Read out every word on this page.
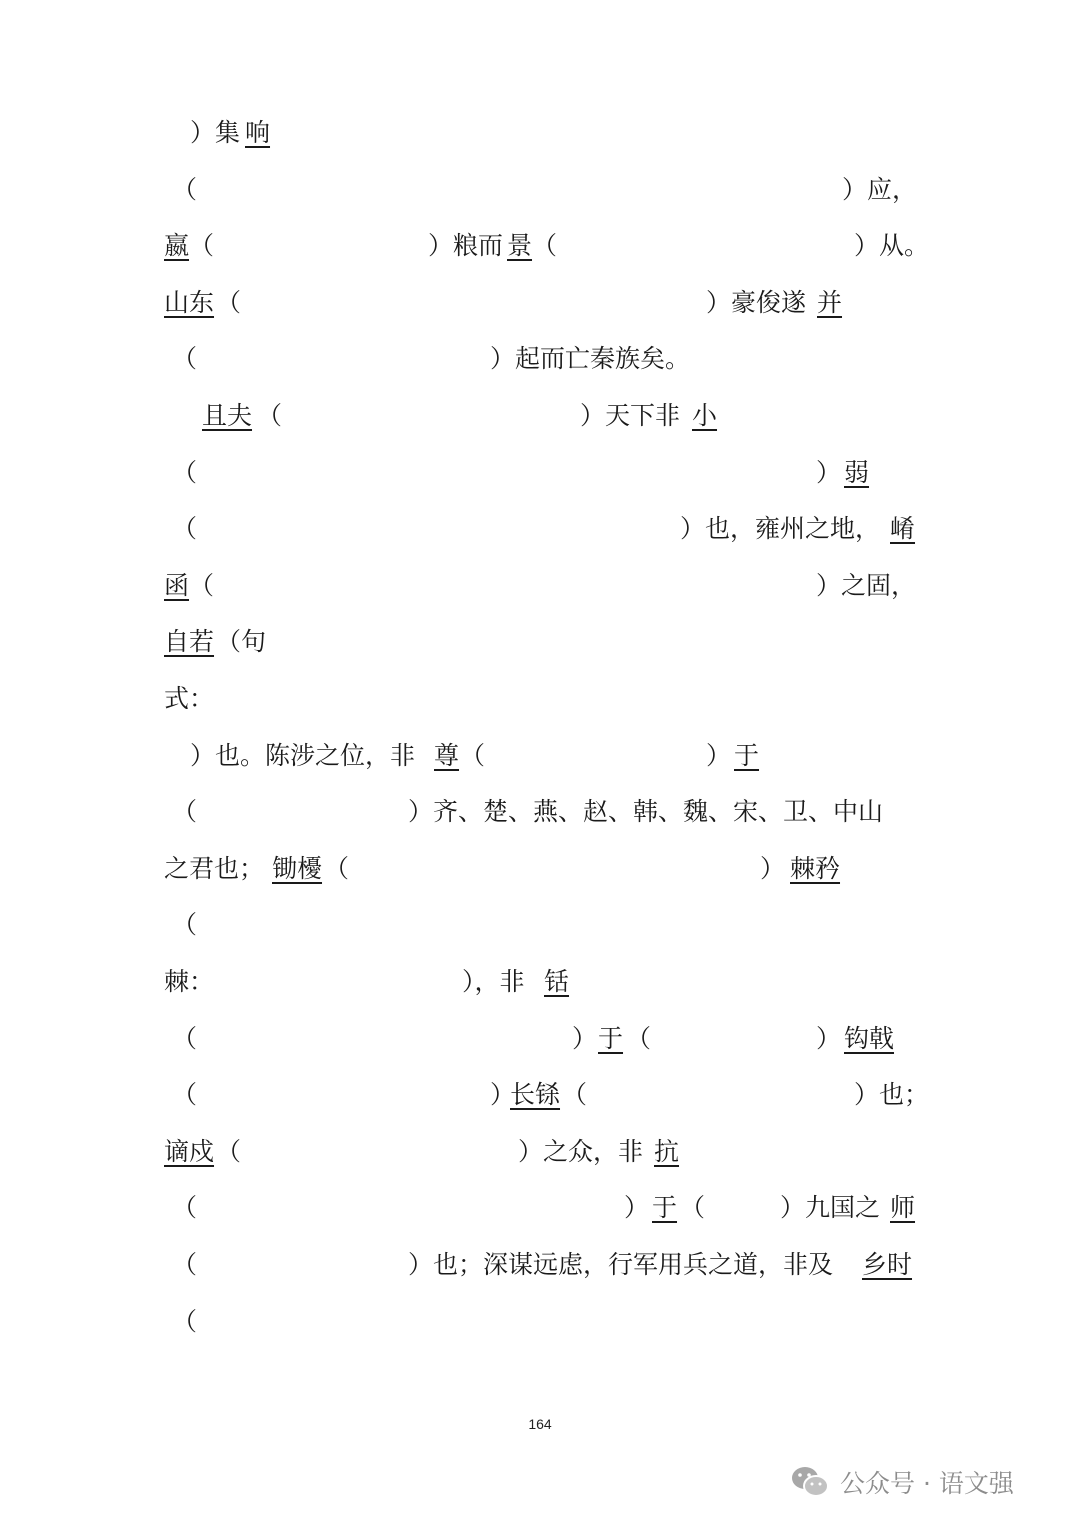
）集 响
（	）应，
嬴 （	）粮而 景 （	）从。
山东 （	）豪俊遂 并
（	）起而亡秦族矣。
且夫 （	）天下非 小
（	） 弱
（	）也，雍州之地， 崤
函 （	）之固，
自若 （句
式：
）也。陈涉之位，非 尊 （	） 于
（	）齐、楚、燕、赵、韩、魏、宋、卫、中山
之君也； 锄櫌 （	） 棘矜
（
棘：	），非 铦
（	） 于 （	） 钩戟
（	）
长铩 （	）也；
谪戍 （	）之众，非 抗
（	） 于 （	）九国之 师
（	）也；深谋远虑，行军用兵之道，非及 乡时
（
164
公众号 · 语文强
